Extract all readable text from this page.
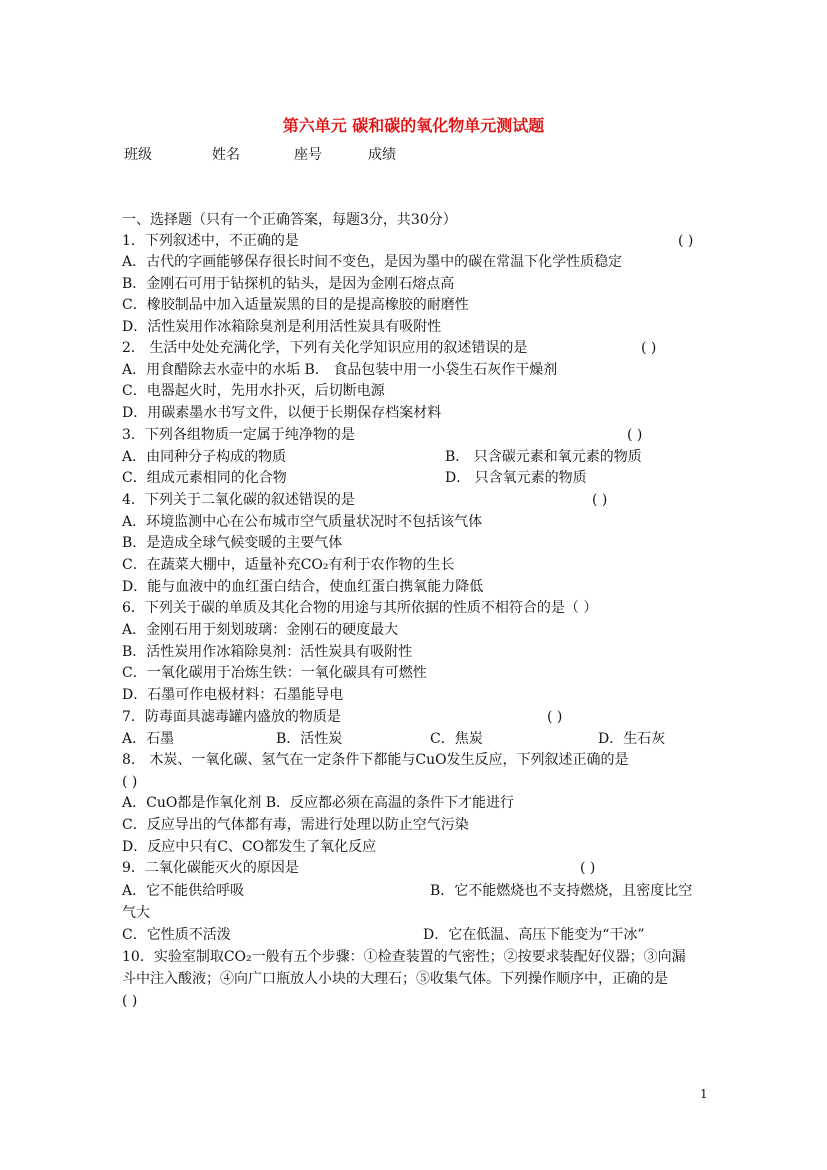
第六单元 碳和碳的氧化物单元测试题
班级	姓名	座号	成绩
一、选择题（只有一个正确答案，每题3分，共30分）
1．下列叙述中，不正确的是	( )
A．古代的字画能够保存很长时间不变色，是因为墨中的碳在常温下化学性质稳定
B．金刚石可用于钻探机的钻头，是因为金刚石熔点高
C．橡胶制品中加入适量炭黑的目的是提高橡胶的耐磨性
D．活性炭用作冰箱除臭剂是利用活性炭具有吸附性
2． 生活中处处充满化学，下列有关化学知识应用的叙述错误的是	( )
A．用食醋除去水壶中的水垢 B． 食品包装中用一小袋生石灰作干燥剂
C．电器起火时，先用水扑灭，后切断电源
D．用碳素墨水书写文件，以便于长期保存档案材料
3．下列各组物质一定属于纯净物的是	( )
A．由同种分子构成的物质	B． 只含碳元素和氧元素的物质
C．组成元素相同的化合物	D． 只含氧元素的物质
4．下列关于二氧化碳的叙述错误的是	( )
A．环境监测中心在公布城市空气质量状况时不包括该气体
B．是造成全球气候变暖的主要气体
C．在蔬菜大棚中，适量补充CO₂有利于农作物的生长
D．能与血液中的血红蛋白结合，使血红蛋白携氧能力降低
6．下列关于碳的单质及其化合物的用途与其所依据的性质不相符合的是（ ）
A．金刚石用于刻划玻璃：金刚石的硬度最大
B．活性炭用作冰箱除臭剂：活性炭具有吸附性
C．一氧化碳用于冶炼生铁：一氧化碳具有可燃性
D．石墨可作电极材料：石墨能导电
7．防毒面具滤毒罐内盛放的物质是	( )
A．石墨	B．活性炭	C．焦炭	D．生石灰
8． 木炭、一氧化碳、氢气在一定条件下都能与CuO发生反应，下列叙述正确的是
( )
A．CuO都是作氧化剂 B．反应都必须在高温的条件下才能进行
C．反应导出的气体都有毒，需进行处理以防止空气污染
D．反应中只有C、CO都发生了氧化反应
9．二氧化碳能灭火的原因是	( )
A．它不能供给呼吸	B．它不能燃烧也不支持燃烧，且密度比空
气大
C．它性质不活泼	D．它在低温、高压下能变为“干冰”
10．实验室制取CO₂一般有五个步骤：①检查装置的气密性；②按要求装配好仪器；③向漏
斗中注入酸液；④向广口瓶放人小块的大理石；⑤收集气体。下列操作顺序中，正确的是
( )
1
